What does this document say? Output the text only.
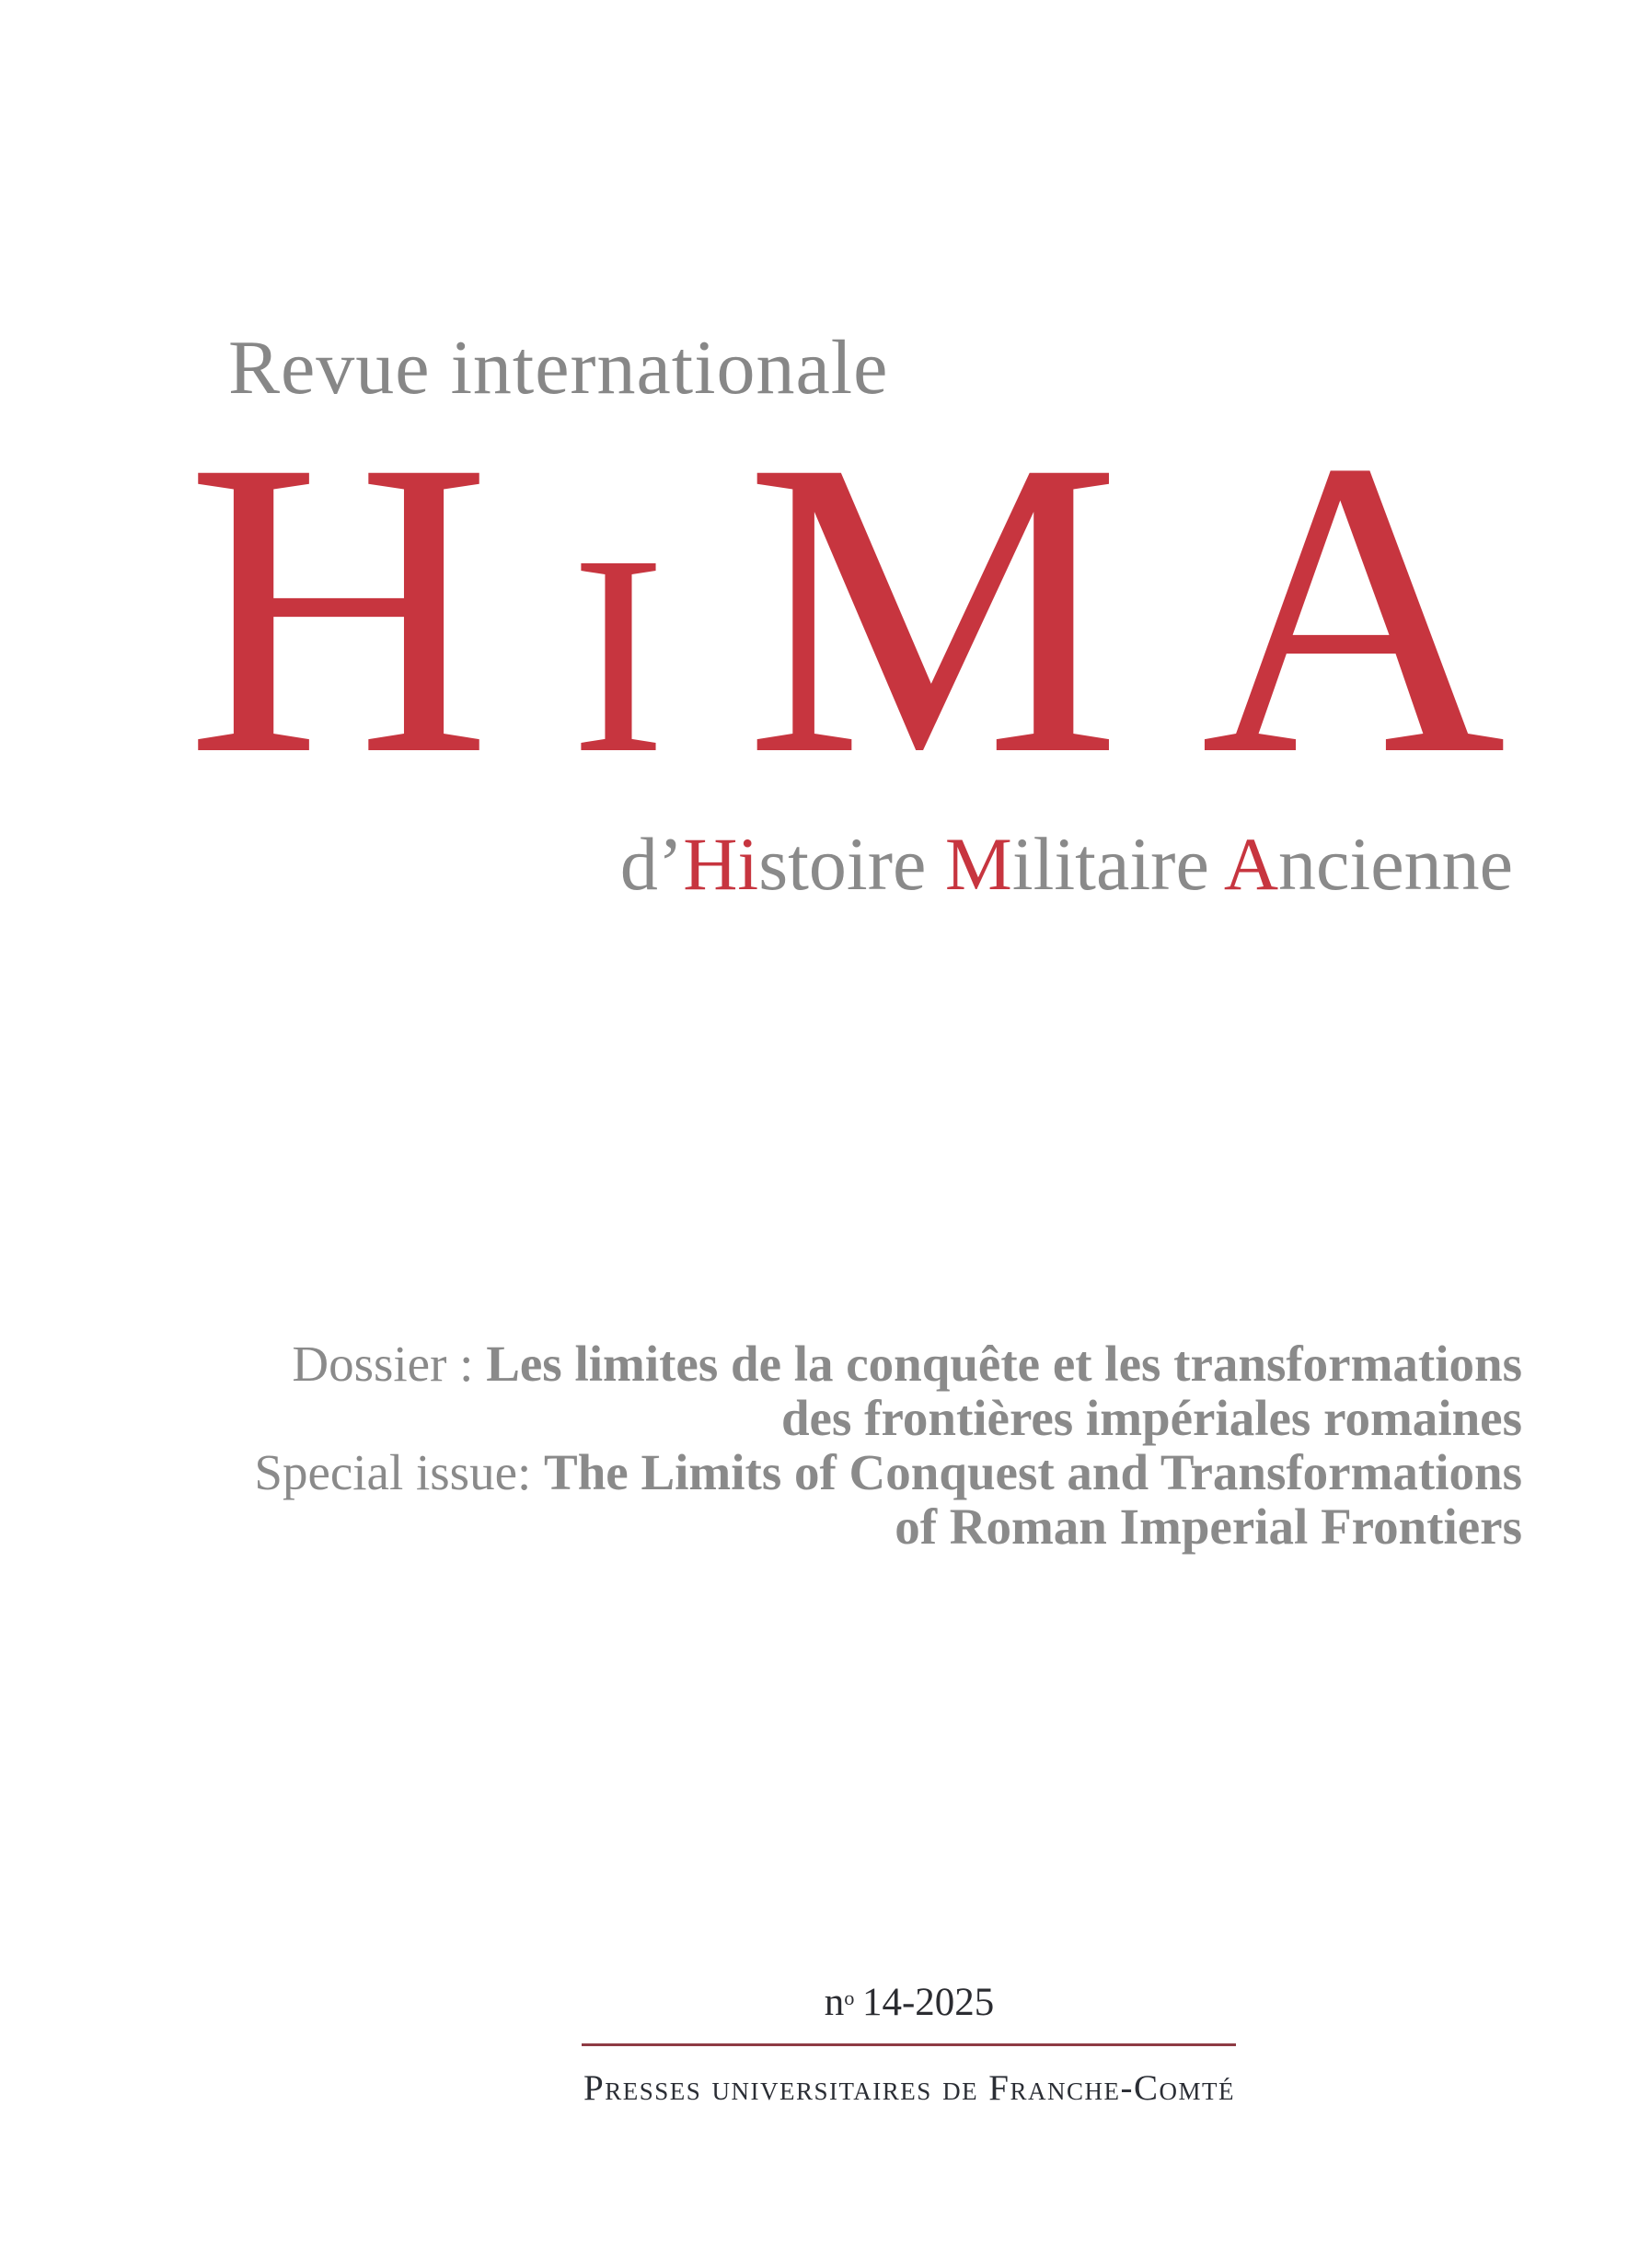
Revue internationale
H I M A
d’Histoire Militaire Ancienne
Dossier : Les limites de la conquête et les transformations
des frontières impériales romaines
Special issue: The Limits of Conquest and Transformations
of Roman Imperial Frontiers
$n^o$ 14-2025
Presses universitaires de Franche-Comté
